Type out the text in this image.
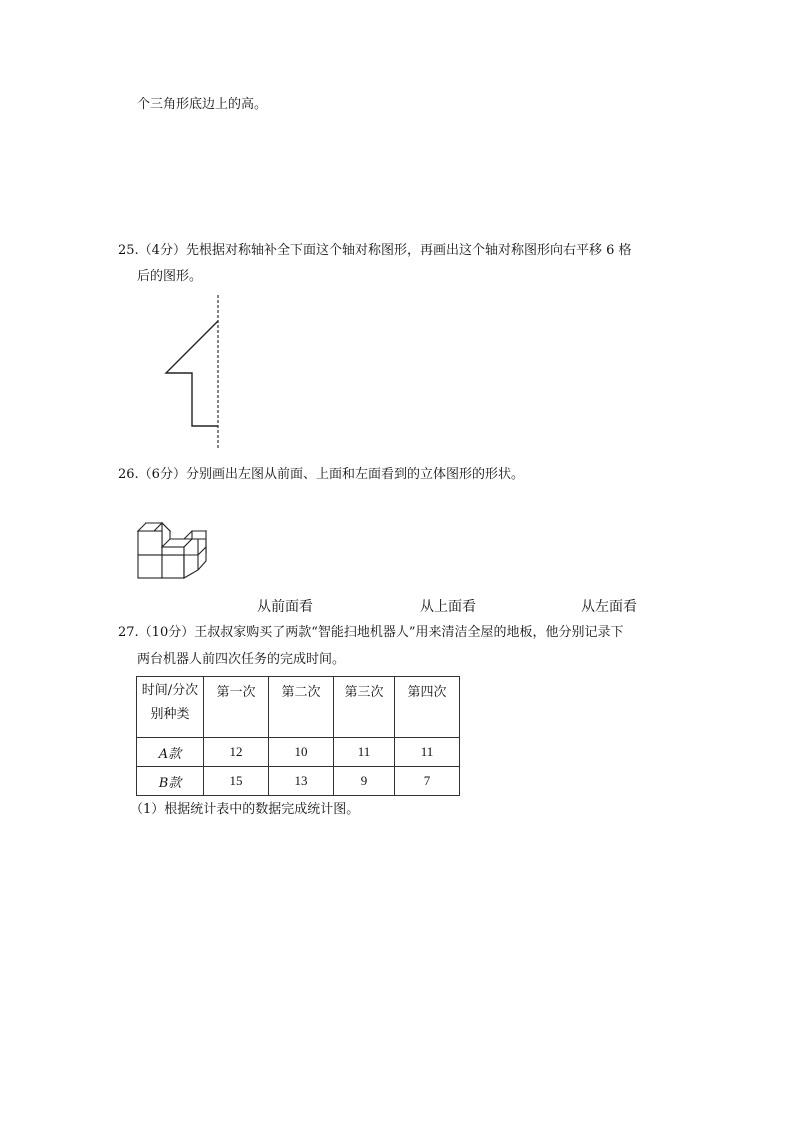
个三角形底边上的高。
25.（4分）先根据对称轴补全下面这个轴对称图形，再画出这个轴对称图形向右平移 6 格
后的图形。
26.（6分）分别画出左图从前面、上面和左面看到的立体图形的形状。
从前面看	从上面看	从左面看
27.（10分）王叔叔家购买了两款“智能扫地机器人”用来清洁全屋的地板，他分别记录下
两台机器人前四次任务的完成时间。
时间/分次
别种类	第一次	第二次	第三次	第四次
A款	12	10	11	11
B款	15	13	9	7
（1）根据统计表中的数据完成统计图。
